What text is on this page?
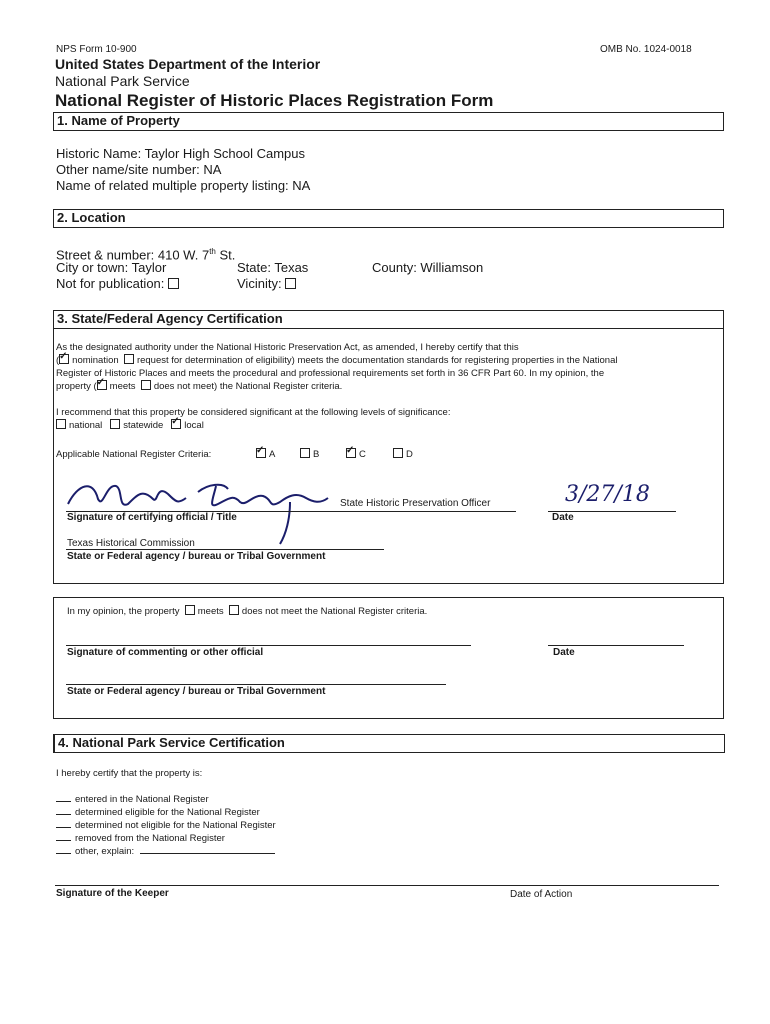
NPS Form 10-900	OMB No. 1024-0018
United States Department of the Interior
National Park Service
National Register of Historic Places Registration Form
1. Name of Property
Historic Name: Taylor High School Campus
Other name/site number: NA
Name of related multiple property listing: NA
2. Location
Street & number: 410 W. 7th St.
City or town: Taylor	State: Texas	County: Williamson
Not for publication:	Vicinity:
3. State/Federal Agency Certification
As the designated authority under the National Historic Preservation Act, as amended, I hereby certify that this
( ✓ nomination request for determination of eligibility) meets the documentation standards for registering properties in the National
Register of Historic Places and meets the procedural and professional requirements set forth in 36 CFR Part 60. In my opinion, the
property ( ✓ meets does not meet) the National Register criteria.
I recommend that this property be considered significant at the following levels of significance:
national statewide ✓ local
Applicable National Register Criteria: ✓	A	B ✓	C	D
State Historic Preservation Officer	3/27/18
Signature of certifying official / Title	Date
Texas Historical Commission
State or Federal agency / bureau or Tribal Government
In my opinion, the property meets does not meet the National Register criteria.
Signature of commenting or other official	Date
State or Federal agency / bureau or Tribal Government
4. National Park Service Certification
I hereby certify that the property is:
entered in the National Register
determined eligible for the National Register
determined not eligible for the National Register
removed from the National Register
other, explain:
Signature of the Keeper	Date of Action
